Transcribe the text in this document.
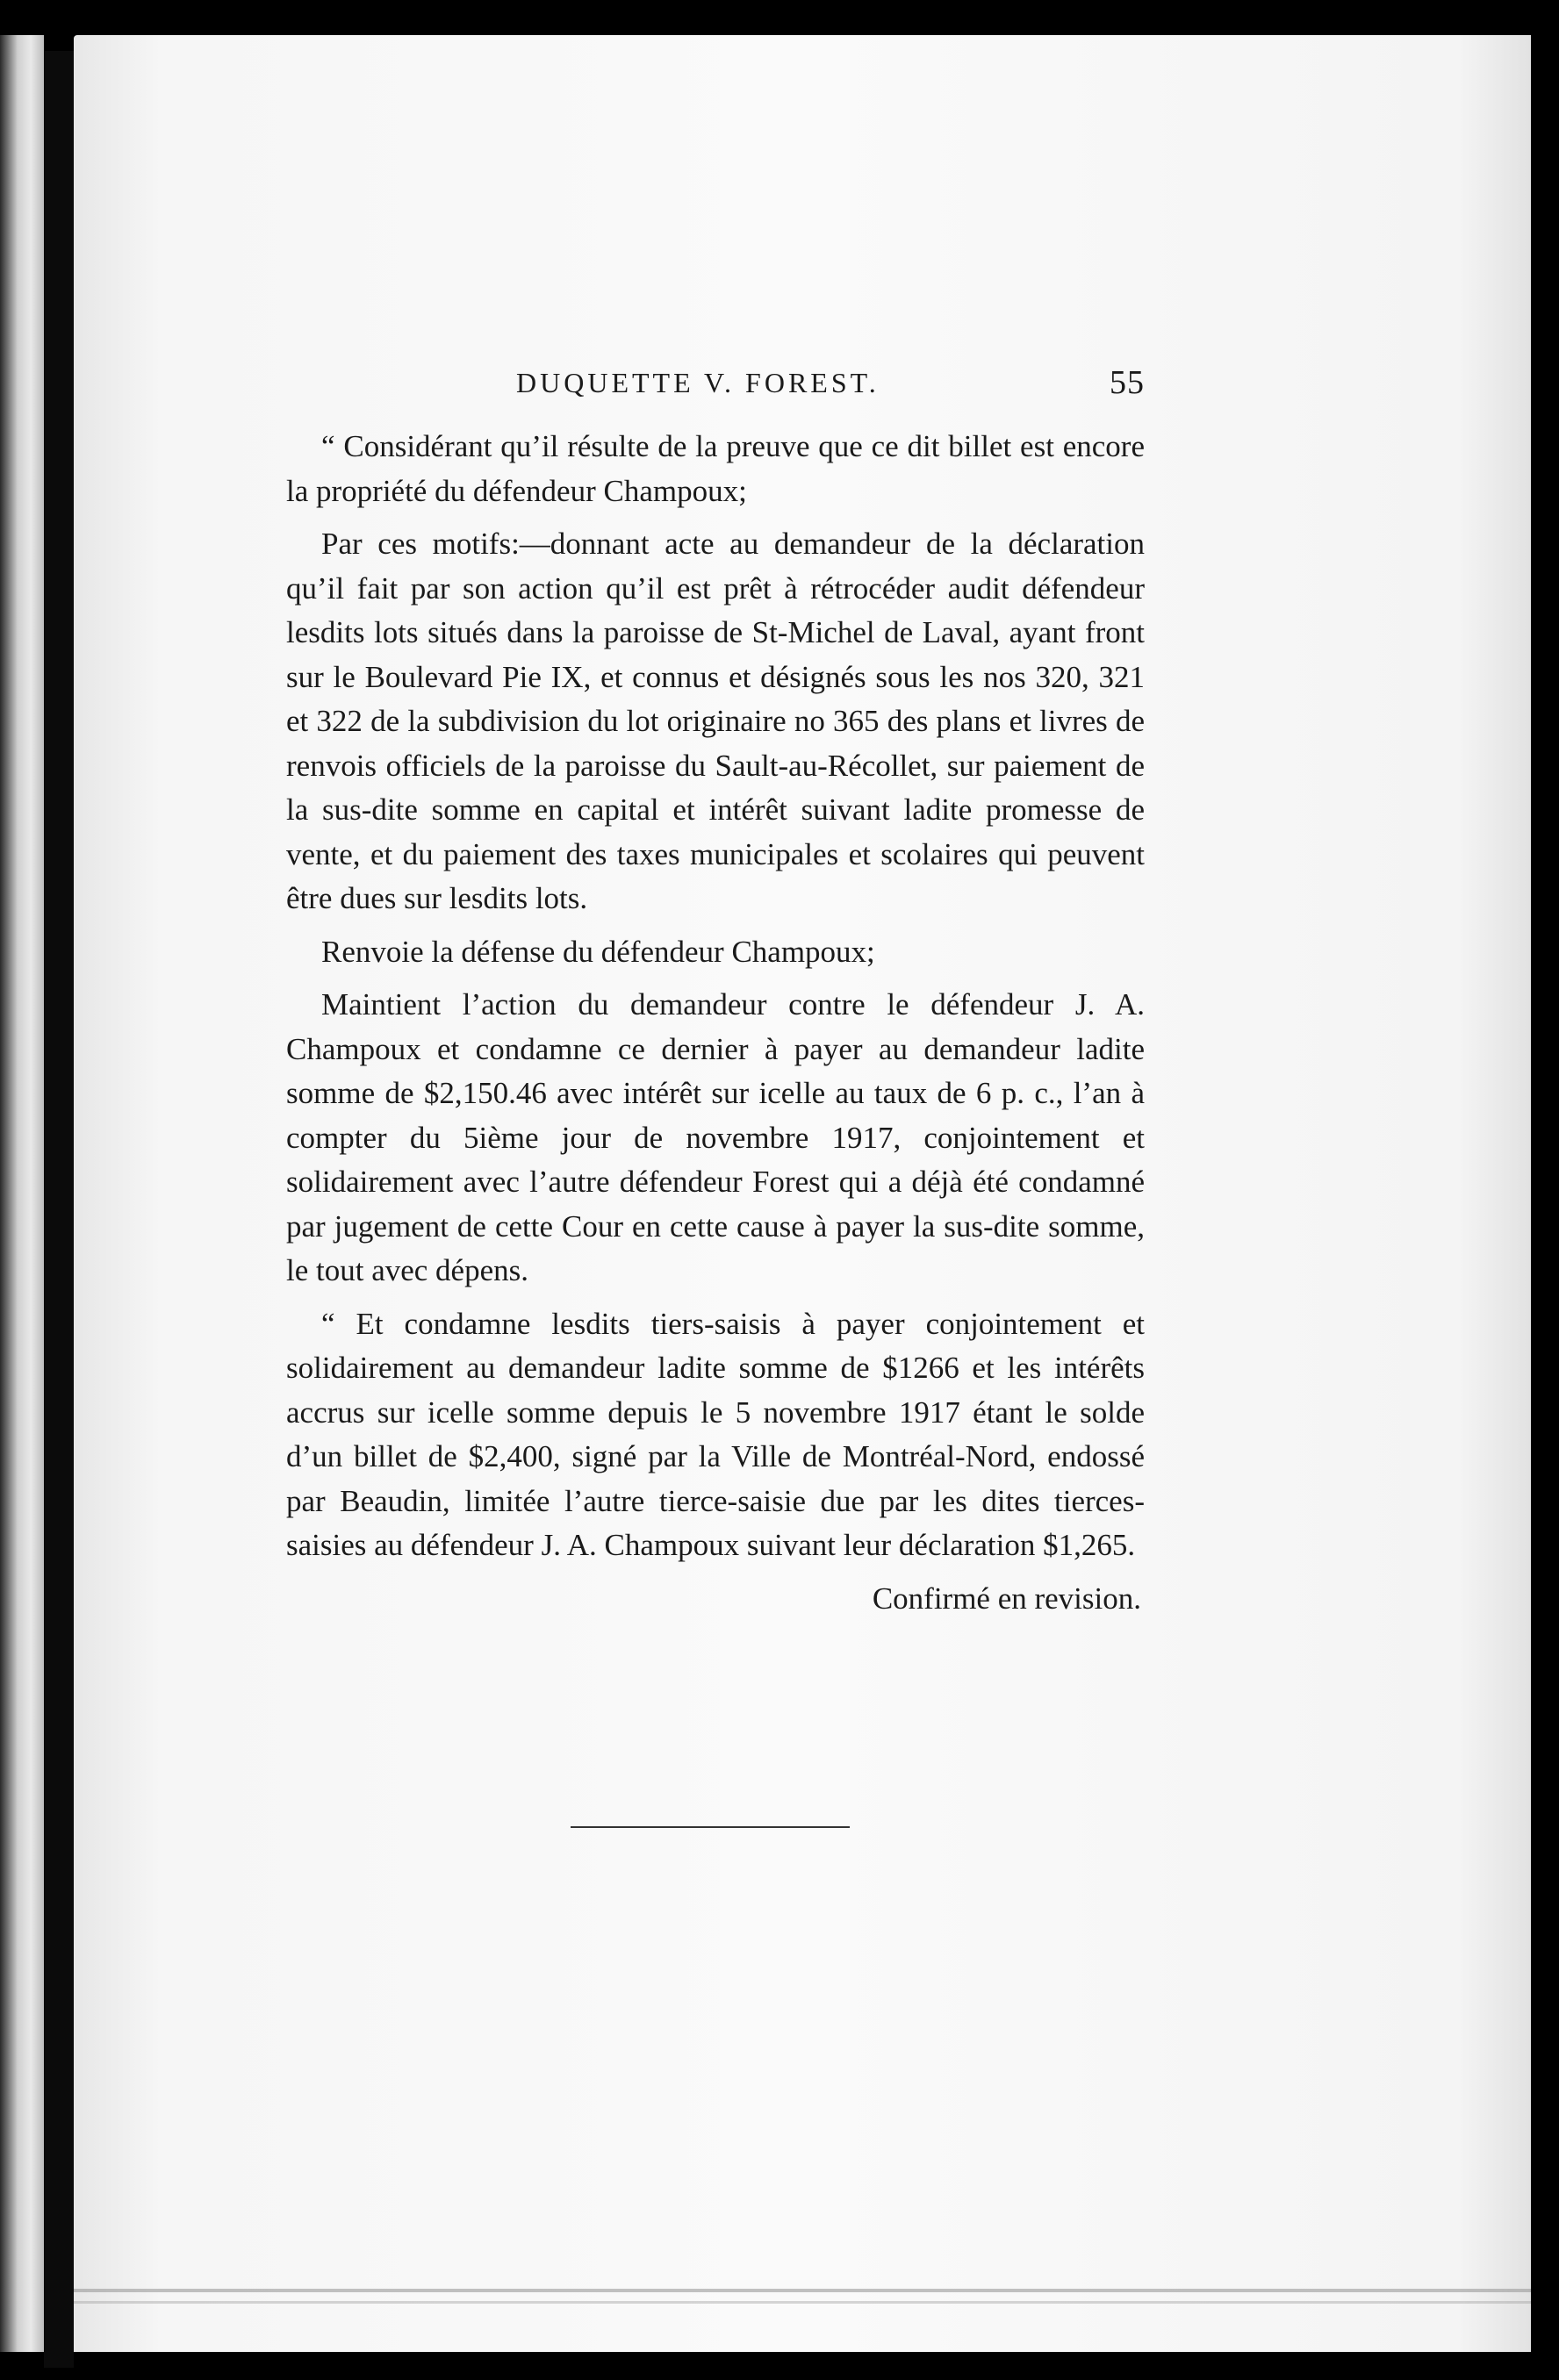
DUQUETTE V. FOREST.	55

“ Considérant qu’il résulte de la preuve que ce dit billet est encore la propriété du défendeur Champoux;

Par ces motifs:—donnant acte au demandeur de la déclaration qu’il fait par son action qu’il est prêt à rétrocéder audit défendeur lesdits lots situés dans la paroisse de St-Michel de Laval, ayant front sur le Boulevard Pie IX, et connus et désignés sous les nos 320, 321 et 322 de la subdivision du lot originaire no 365 des plans et livres de renvois officiels de la paroisse du Sault-au-Récollet, sur paiement de la sus-dite somme en capital et intérêt suivant ladite promesse de vente, et du paiement des taxes municipales et scolaires qui peuvent être dues sur lesdits lots.

Renvoie la défense du défendeur Champoux;

Maintient l’action du demandeur contre le défendeur J. A. Champoux et condamne ce dernier à payer au demandeur ladite somme de $2,150.46 avec intérêt sur icelle au taux de 6 p. c., l’an à compter du 5ième jour de novembre 1917, conjointement et solidairement avec l’autre défendeur Forest qui a déjà été condamné par jugement de cette Cour en cette cause à payer la sus-dite somme, le tout avec dépens.

“ Et condamne lesdits tiers-saisis à payer conjointement et solidairement au demandeur ladite somme de $1266 et les intérêts accrus sur icelle somme depuis le 5 novembre 1917 étant le solde d’un billet de $2,400, signé par la Ville de Montréal-Nord, endossé par Beaudin, limitée l’autre tierce-saisie due par les dites tierces-saisies au défendeur J. A. Champoux suivant leur déclaration $1,265.

Confirmé en revision.
